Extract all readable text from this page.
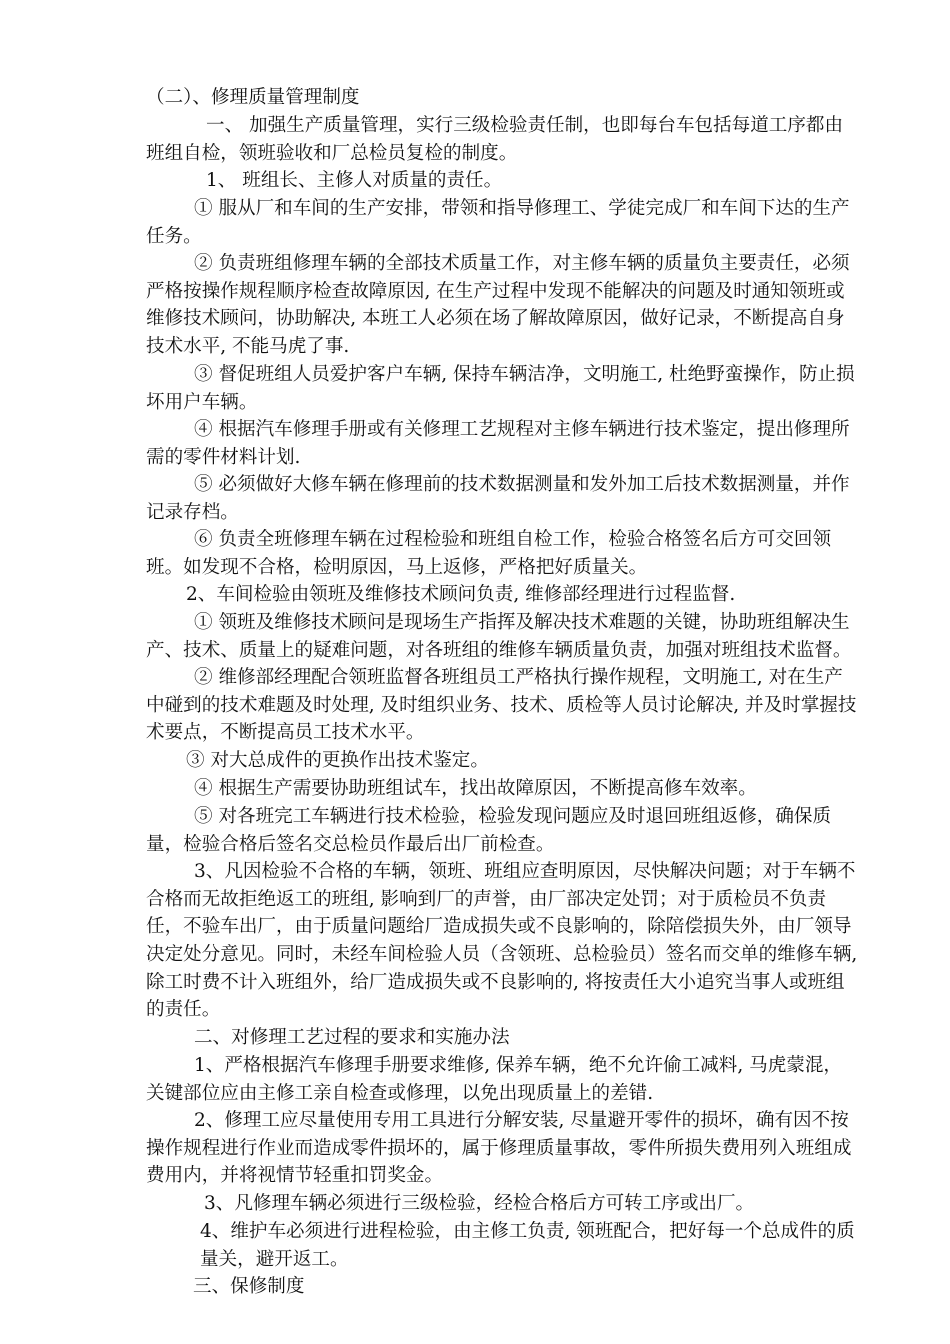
（二）、修理质量管理制度

一、 加强生产质量管理，实行三级检验责任制，也即每台车包括每道工序都由班组自检，领班验收和厂总检员复检的制度。

1、 班组长、主修人对质量的责任。

① 服从厂和车间的生产安排，带领和指导修理工、学徒完成厂和车间下达的生产任务。

② 负责班组修理车辆的全部技术质量工作，对主修车辆的质量负主要责任，必须严格按操作规程顺序检查故障原因, 在生产过程中发现不能解决的问题及时通知领班或维修技术顾问，协助解决, 本班工人必须在场了解故障原因，做好记录，不断提高自身技术水平, 不能马虎了事.

③ 督促班组人员爱护客户车辆, 保持车辆洁净，文明施工, 杜绝野蛮操作，防止损坏用户车辆。

④ 根据汽车修理手册或有关修理工艺规程对主修车辆进行技术鉴定，提出修理所需的零件材料计划.

⑤ 必须做好大修车辆在修理前的技术数据测量和发外加工后技术数据测量，并作记录存档。

⑥ 负责全班修理车辆在过程检验和班组自检工作，检验合格签名后方可交回领班。如发现不合格，检明原因，马上返修，严格把好质量关。

2、车间检验由领班及维修技术顾问负责, 维修部经理进行过程监督.

① 领班及维修技术顾问是现场生产指挥及解决技术难题的关键，协助班组解决生产、技术、质量上的疑难问题，对各班组的维修车辆质量负责，加强对班组技术监督。

② 维修部经理配合领班监督各班组员工严格执行操作规程，文明施工, 对在生产中碰到的技术难题及时处理, 及时组织业务、技术、质检等人员讨论解决, 并及时掌握技术要点，不断提高员工技术水平。

③ 对大总成件的更换作出技术鉴定。

④ 根据生产需要协助班组试车，找出故障原因，不断提高修车效率。

⑤ 对各班完工车辆进行技术检验，检验发现问题应及时退回班组返修，确保质量，检验合格后签名交总检员作最后出厂前检查。

3、凡因检验不合格的车辆，领班、班组应查明原因，尽快解决问题；对于车辆不合格而无故拒绝返工的班组, 影响到厂的声誉，由厂部决定处罚；对于质检员不负责任，不验车出厂，由于质量问题给厂造成损失或不良影响的，除陪偿损失外，由厂领导决定处分意见。同时，未经车间检验人员（含领班、总检验员）签名而交单的维修车辆, 除工时费不计入班组外，给厂造成损失或不良影响的, 将按责任大小追究当事人或班组的责任。

二、对修理工艺过程的要求和实施办法

1、严格根据汽车修理手册要求维修, 保养车辆，绝不允许偷工减料, 马虎蒙混，关键部位应由主修工亲自检查或修理，以免出现质量上的差错.

2、修理工应尽量使用专用工具进行分解安装, 尽量避开零件的损坏，确有因不按操作规程进行作业而造成零件损坏的，属于修理质量事故，零件所损失费用列入班组成费用内，并将视情节轻重扣罚奖金。

3、凡修理车辆必须进行三级检验，经检合格后方可转工序或出厂。

4、维护车必须进行进程检验，由主修工负责, 领班配合，把好每一个总成件的质量关，避开返工。

三、保修制度
